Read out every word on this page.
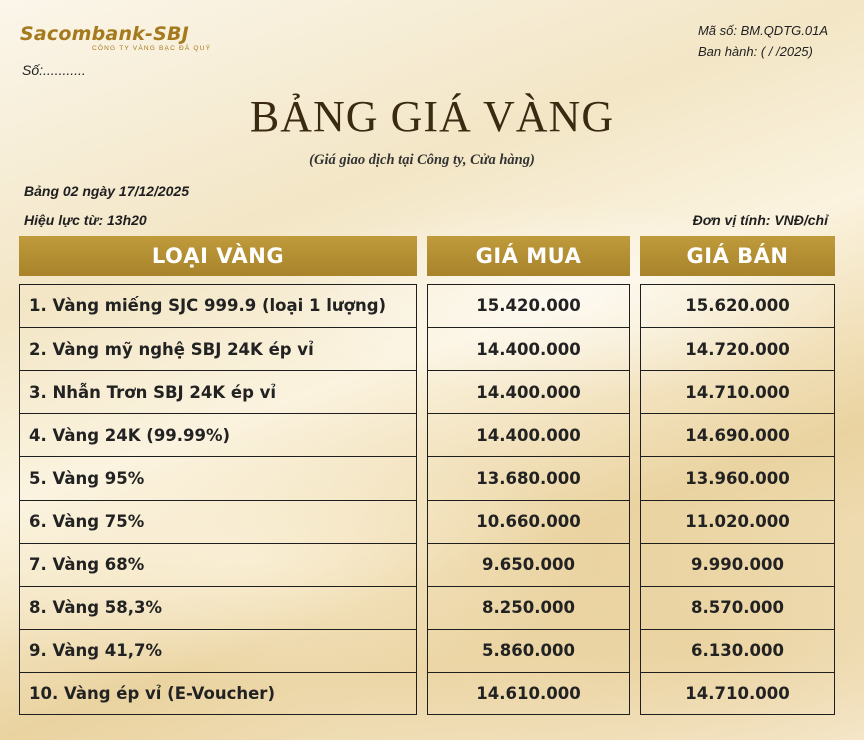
Sacombank-SBJ
CÔNG TY VÀNG BẠC ĐÁ QUÝ
Số:...........
Mã số: BM.QDTG.01A
Ban hành: ( / /2025)
BẢNG GIÁ VÀNG
(Giá giao dịch tại Công ty, Cửa hàng)
Bảng 02 ngày 17/12/2025
Hiệu lực từ: 13h20	Đơn vị tính: VNĐ/chỉ
LOẠI VÀNG	GIÁ MUA	GIÁ BÁN
1. Vàng miếng SJC 999.9 (loại 1 lượng)	15.420.000	15.620.000
2. Vàng mỹ nghệ SBJ 24K ép vỉ	14.400.000	14.720.000
3. Nhẫn Trơn SBJ 24K ép vỉ	14.400.000	14.710.000
4. Vàng 24K (99.99%)	14.400.000	14.690.000
5. Vàng 95%	13.680.000	13.960.000
6. Vàng 75%	10.660.000	11.020.000
7. Vàng 68%	9.650.000	9.990.000
8. Vàng 58,3%	8.250.000	8.570.000
9. Vàng 41,7%	5.860.000	6.130.000
10. Vàng ép vỉ (E-Voucher)	14.610.000	14.710.000
